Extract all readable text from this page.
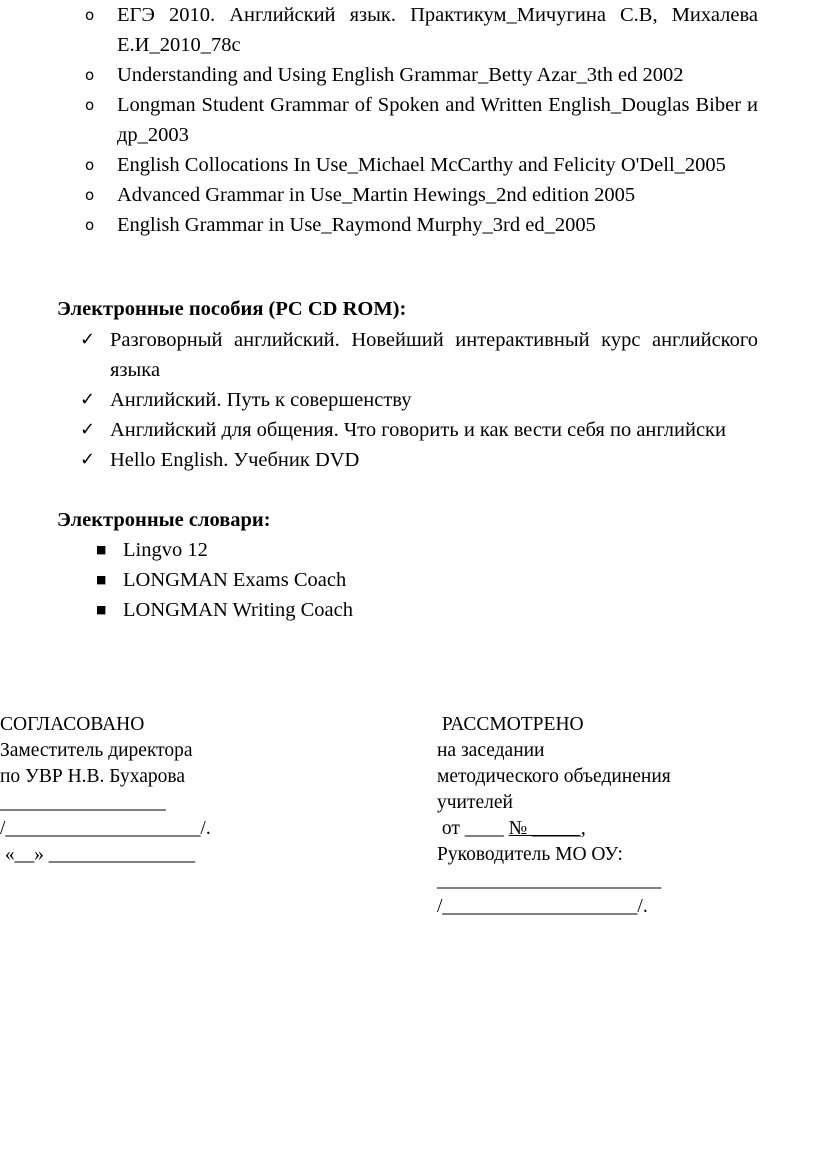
o ЕГЭ 2010. Английский язык. Практикум_Мичугина С.В, Михалева Е.И_2010_78с
o Understanding and Using English Grammar_Betty Azar_3th ed 2002
o Longman Student Grammar of Spoken and Written English_Douglas Biber и др_2003
o English Collocations In Use_Michael McCarthy and Felicity O'Dell_2005
o Advanced Grammar in Use_Martin Hewings_2nd edition 2005
o English Grammar in Use_Raymond Murphy_3rd ed_2005
Электронные пособия (PC CD ROM):
✓ Разговорный английский. Новейший интерактивный курс английского языка
✓ Английский. Путь к совершенству
✓ Английский для общения. Что говорить и как вести себя по английски
✓ Hello English. Учебник DVD
Электронные словари:
■ Lingvo 12
■ LONGMAN Exams Coach
■ LONGMAN Writing Coach
СОГЛАСОВАНО
Заместитель директора
по УВР Н.В. Бухарова
_________________
/____________________/.
«__» _______________
РАССМОТРЕНО
на заседании
методического объединения
учителей
от ____ № _____,
Руководитель МО ОУ:
_______________________
/____________________/.
